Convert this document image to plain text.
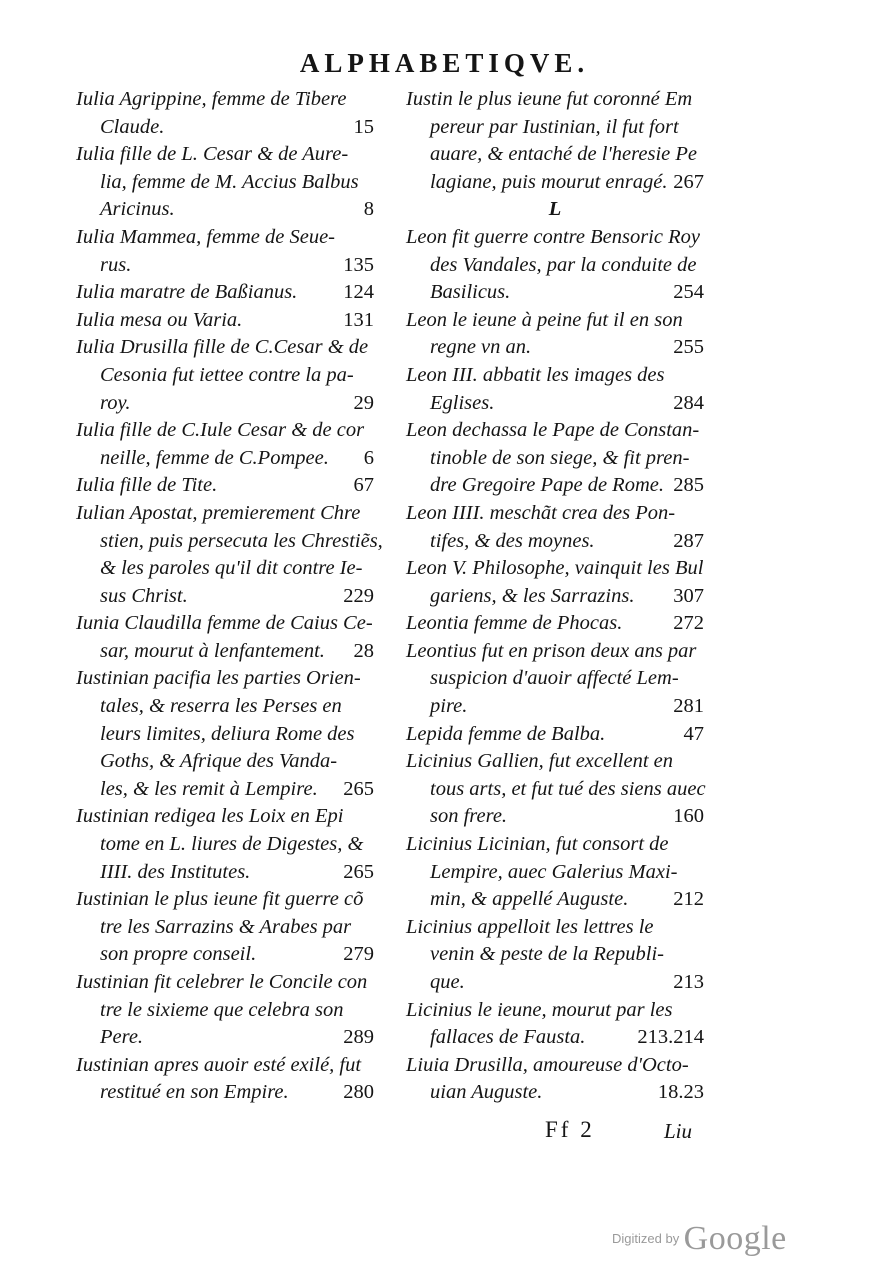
ALPHABETIQVE.
Iulia Agrippine, femme de Tibere
Claude.	15
Iulia fille de L. Cesar & de Aure-
lia, femme de M. Accius Balbus
Aricinus.	8
Iulia Mammea, femme de Seue-
rus.	135
Iulia maratre de Baßianus. 124
Iulia mesa ou Varia.	131
Iulia Drusilla fille de C.Cesar & de
Cesonia fut iettee contre la pa-
roy.	29
Iulia fille de C.Iule Cesar & de cor
neille, femme de C.Pompee. 6
Iulia fille de Tite.	67
Iulian Apostat, premierement Chre
stien, puis persecuta les Chrestiẽs,
& les paroles qu'il dit contre Ie-
sus Christ.	229
Iunia Claudilla femme de Caius Ce-
sar, mourut à lenfantement. 28
Iustinian pacifia les parties Orien-
tales, & reserra les Perses en
leurs limites, deliura Rome des
Goths, & Afrique des Vanda-
les, & les remit à Lempire. 265
Iustinian redigea les Loix en Epi
tome en L. liures de Digestes, &
IIII. des Institutes.	265
Iustinian le plus ieune fit guerre cõ
tre les Sarrazins & Arabes par
son propre conseil.	279
Iustinian fit celebrer le Concile con
tre le sixieme que celebra son
Pere.	289
Iustinian apres auoir esté exilé, fut
restitué en son Empire.	280
Iustin le plus ieune fut coronné Em
pereur par Iustinian, il fut fort
auare, & entaché de l'heresie Pe
lagiane, puis mourut enragé. 267
L
Leon fit guerre contre Bensoric Roy
des Vandales, par la conduite de
Basilicus.	254
Leon le ieune à peine fut il en son
regne vn an.	255
Leon III. abbatit les images des
Eglises.	284
Leon dechassa le Pape de Constan-
tinoble de son siege, & fit pren-
dre Gregoire Pape de Rome. 285
Leon IIII. meschãt crea des Pon-
tifes, & des moynes.	287
Leon V. Philosophe, vainquit les Bul
gariens, & les Sarrazins. 307
Leontia femme de Phocas. 272
Leontius fut en prison deux ans par
suspicion d'auoir affecté Lem-
pire.	281
Lepida femme de Balba.	47
Licinius Gallien, fut excellent en
tous arts, et fut tué des siens auec
son frere.	160
Licinius Licinian, fut consort de
Lempire, auec Galerius Maxi-
min, & appellé Auguste. 212
Licinius appelloit les lettres le
venin & peste de la Republi-
que.	213
Licinius le ieune, mourut par les
fallaces de Fausta.	213.214
Liuia Drusilla, amoureuse d'Octo-
uian Auguste.	18.23
Ff 2	Liu
$^{Digitized by}$ Google
